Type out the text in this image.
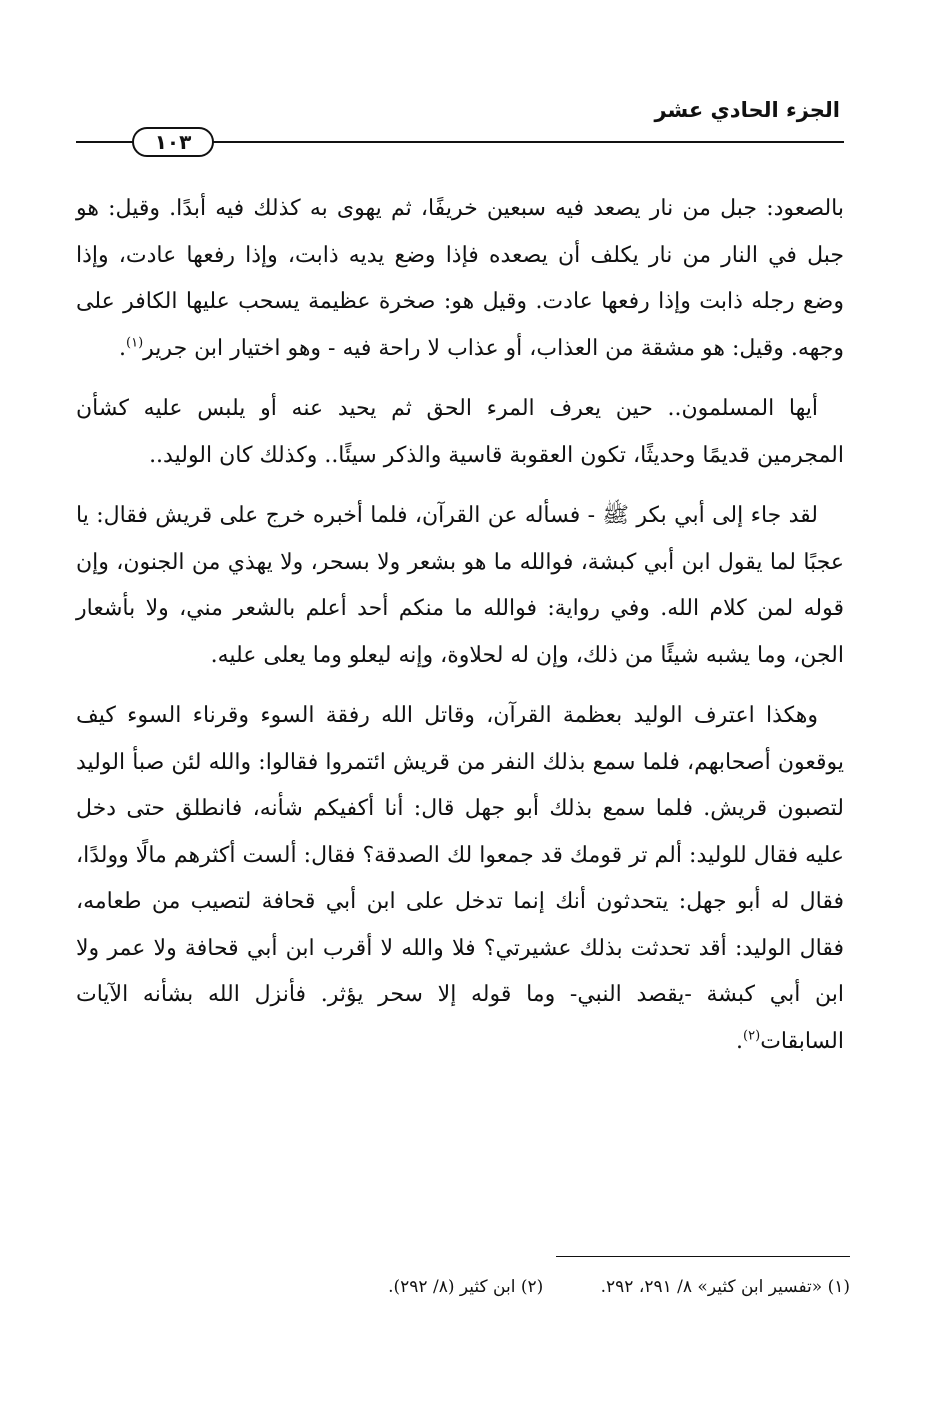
الجزء الحادي عشر
١٠٣

بالصعود: جبل من نار يصعد فيه سبعين خريفًا، ثم يهوى به كذلك فيه أبدًا. وقيل: هو جبل في النار من نار يكلف أن يصعده فإذا وضع يديه ذابت، وإذا رفعها عادت، وإذا وضع رجله ذابت وإذا رفعها عادت. وقيل هو: صخرة عظيمة يسحب عليها الكافر على وجهه. وقيل: هو مشقة من العذاب، أو عذاب لا راحة فيه - وهو اختيار ابن جرير$^{(١)}$.

أيها المسلمون.. حين يعرف المرء الحق ثم يحيد عنه أو يلبس عليه كشأن المجرمين قديمًا وحديثًا، تكون العقوبة قاسية والذكر سيئًا.. وكذلك كان الوليد..

لقد جاء إلى أبي بكر ﷺ - فسأله عن القرآن، فلما أخبره خرج على قريش فقال: يا عجبًا لما يقول ابن أبي كبشة، فوالله ما هو بشعر ولا بسحر، ولا يهذي من الجنون، وإن قوله لمن كلام الله. وفي رواية: فوالله ما منكم أحد أعلم بالشعر مني، ولا بأشعار الجن، وما يشبه شيئًا من ذلك، وإن له لحلاوة، وإنه ليعلو وما يعلى عليه.

وهكذا اعترف الوليد بعظمة القرآن، وقاتل الله رفقة السوء وقرناء السوء كيف يوقعون أصحابهم، فلما سمع بذلك النفر من قريش ائتمروا فقالوا: والله لئن صبأ الوليد لتصبون قريش. فلما سمع بذلك أبو جهل قال: أنا أكفيكم شأنه، فانطلق حتى دخل عليه فقال للوليد: ألم تر قومك قد جمعوا لك الصدقة؟ فقال: ألست أكثرهم مالًا وولدًا، فقال له أبو جهل: يتحدثون أنك إنما تدخل على ابن أبي قحافة لتصيب من طعامه، فقال الوليد: أقد تحدثت بذلك عشيرتي؟ فلا والله لا أقرب ابن أبي قحافة ولا عمر ولا ابن أبي كبشة -يقصد النبي- وما قوله إلا سحر يؤثر. فأنزل الله بشأنه الآيات السابقات$^{(٢)}$.

(١) «تفسير ابن كثير» ٨/ ٢٩١، ٢٩٢. (٢) ابن كثير (٨/ ٢٩٢).
